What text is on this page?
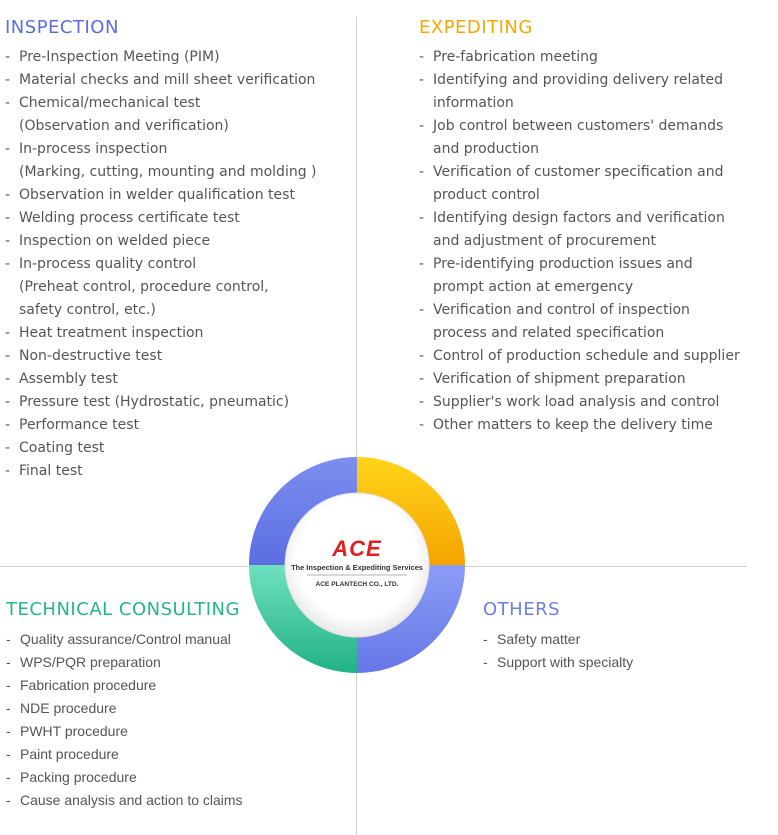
INSPECTION
- Pre-Inspection Meeting (PIM)
- Material checks and mill sheet verification
- Chemical/mechanical test
(Observation and verification)
- In-process inspection
(Marking, cutting, mounting and molding )
- Observation in welder qualification test
- Welding process certificate test
- Inspection on welded piece
- In-process quality control
(Preheat control, procedure control,
safety control, etc.)
- Heat treatment inspection
- Non-destructive test
- Assembly test
- Pressure test (Hydrostatic, pneumatic)
- Performance test
- Coating test
- Final test
EXPEDITING
- Pre-fabrication meeting
- Identifying and providing delivery related
information
- Job control between customers' demands
and production
- Verification of customer specification and
product control
- Identifying design factors and verification
and adjustment of procurement
- Pre-identifying production issues and
prompt action at emergency
- Verification and control of inspection
process and related specification
- Control of production schedule and supplier
- Verification of shipment preparation
- Supplier's work load analysis and control
- Other matters to keep the delivery time
TECHNICAL CONSULTING
- Quality assurance/Control manual
- WPS/PQR preparation
- Fabrication procedure
- NDE procedure
- PWHT procedure
- Paint procedure
- Packing procedure
- Cause analysis and action to claims
OTHERS
- Safety matter
- Support with specialty
ACE
The Inspection & Expediting Services
ACE PLANTECH CO., LTD.
